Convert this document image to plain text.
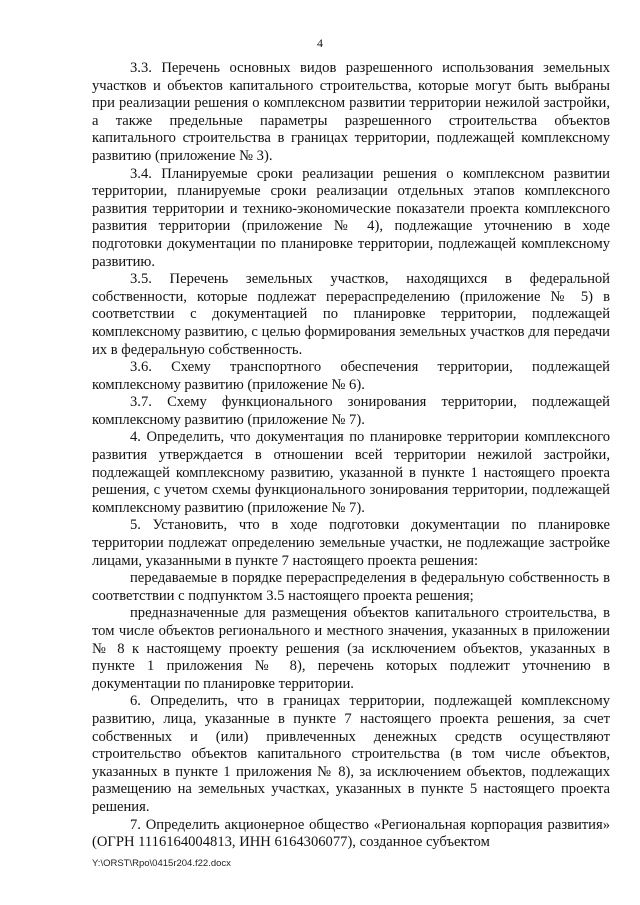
4

3.3. Перечень основных видов разрешенного использования земельных участков и объектов капитального строительства, которые могут быть выбраны при реализации решения о комплексном развитии территории нежилой застройки, а также предельные параметры разрешенного строительства объектов капитального строительства в границах территории, подлежащей комплексному развитию (приложение № 3).

3.4. Планируемые сроки реализации решения о комплексном развитии территории, планируемые сроки реализации отдельных этапов комплексного развития территории и технико-экономические показатели проекта комплексного развития территории (приложение № 4), подлежащие уточнению в ходе подготовки документации по планировке территории, подлежащей комплексному развитию.

3.5. Перечень земельных участков, находящихся в федеральной собственности, которые подлежат перераспределению (приложение № 5) в соответствии с документацией по планировке территории, подлежащей комплексному развитию, с целью формирования земельных участков для передачи их в федеральную собственность.

3.6. Схему транспортного обеспечения территории, подлежащей комплексному развитию (приложение № 6).

3.7. Схему функционального зонирования территории, подлежащей комплексному развитию (приложение № 7).

4. Определить, что документация по планировке территории комплексного развития утверждается в отношении всей территории нежилой застройки, подлежащей комплексному развитию, указанной в пункте 1 настоящего проекта решения, с учетом схемы функционального зонирования территории, подлежащей комплексному развитию (приложение № 7).

5. Установить, что в ходе подготовки документации по планировке территории подлежат определению земельные участки, не подлежащие застройке лицами, указанными в пункте 7 настоящего проекта решения:

передаваемые в порядке перераспределения в федеральную собственность в соответствии с подпунктом 3.5 настоящего проекта решения;

предназначенные для размещения объектов капитального строительства, в том числе объектов регионального и местного значения, указанных в приложении № 8 к настоящему проекту решения (за исключением объектов, указанных в пункте 1 приложения № 8), перечень которых подлежит уточнению в документации по планировке территории.

6. Определить, что в границах территории, подлежащей комплексному развитию, лица, указанные в пункте 7 настоящего проекта решения, за счет собственных и (или) привлеченных денежных средств осуществляют строительство объектов капитального строительства (в том числе объектов, указанных в пункте 1 приложения № 8), за исключением объектов, подлежащих размещению на земельных участках, указанных в пункте 5 настоящего проекта решения.

7. Определить акционерное общество «Региональная корпорация развития» (ОГРН 1116164004813, ИНН 6164306077), созданное субъектом

Y:\ORST\Rpo\0415r204.f22.docx
